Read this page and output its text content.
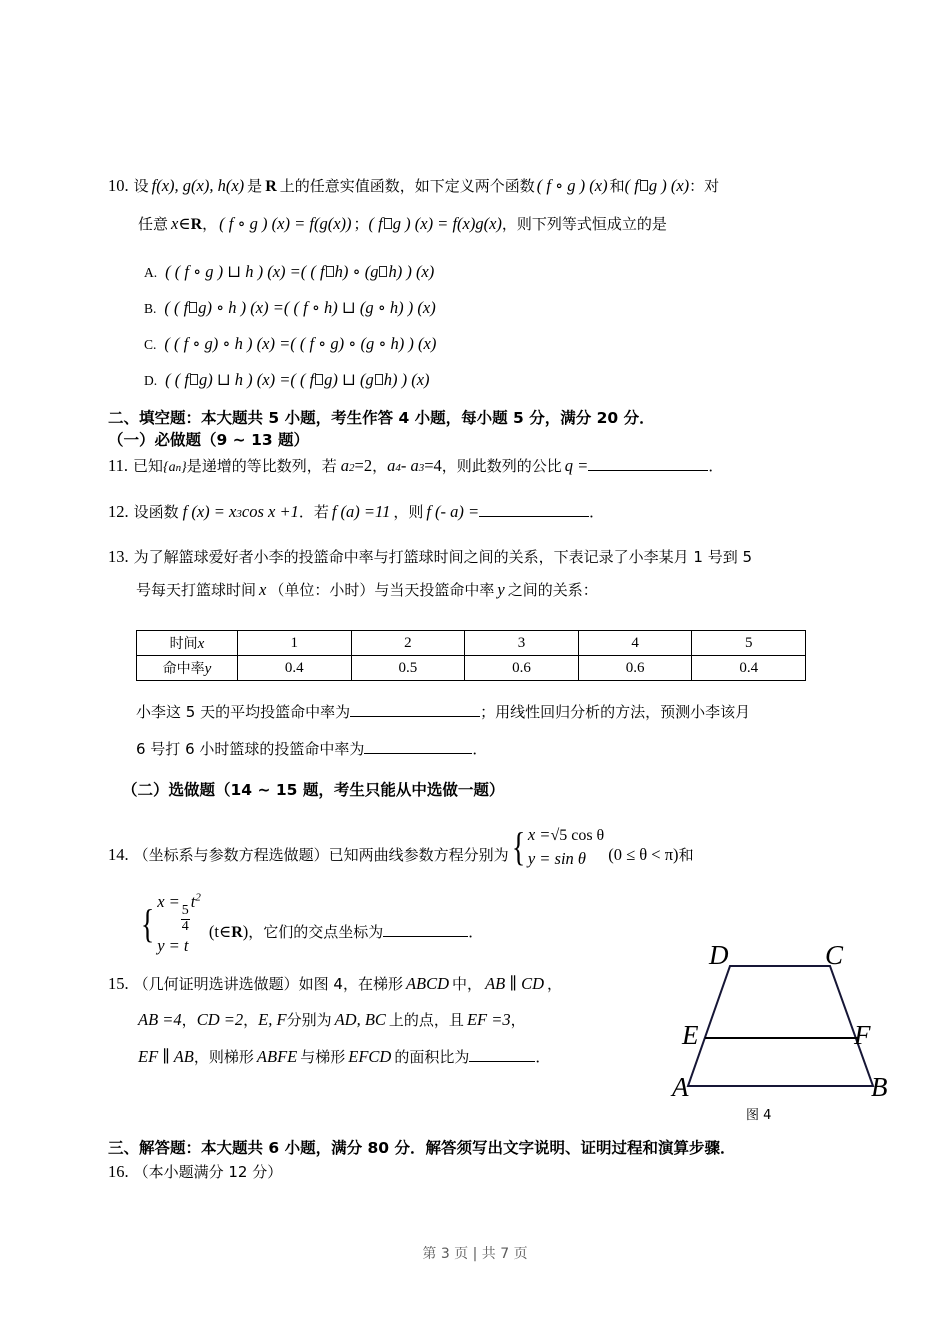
10. 设 f(x), g(x), h(x) 是 R 上的任意实值函数，如下定义两个函数 ( f ∘ g ) (x) 和 ( f g ) (x) ：对
任意 x∈ R ， ( f ∘ g ) (x) = f(g(x)) ； ( f g ) (x) = f(x)g(x) ，则下列等式恒成立的是
A. ( ( f ∘ g ) ⊔ h ) (x) =( ( f h) ∘ (g h) ) (x)
B. ( ( f g) ∘ h ) (x) =( ( f ∘ h) ⊔ (g ∘ h) ) (x)
C. ( ( f ∘ g) ∘ h ) (x) =( ( f ∘ g) ∘ (g ∘ h) ) (x)
D. ( ( f g) ⊔ h ) (x) =( ( f g) ⊔ (g h) ) (x)
二、填空题：本大题共 5 小题，考生作答 4 小题，每小题 5 分，满分 20 分．
（一）必做题（9 ~ 13 题）
11. 已知 {a n } 是递增的等比数列，若 a 2 =2 ， a 4 - a 3 =4 ，则此数列的公比 q =	．
12. 设函数 f (x) = x 3 cos x +1 ．若 f (a) =11 ，则 f (- a) =	．
13. 为了解篮球爱好者小李的投篮命中率与打篮球时间之间的关系，下表记录了小李某月 1 号到 5
号每天打篮球时间 x （单位：小时）与当天投篮命中率 y 之间的关系：
时间x	1	2	3	4	5
命中率y	0.4	0.5	0.6	0.6	0.4
小李这 5 天的平均投篮命中率为	；用线性回归分析的方法，预测小李该月
6 号打 6 小时篮球的投篮命中率为	．
（二）选做题（14 ~ 15 题，考生只能从中选做一题）
14. （坐标系与参数方程选做题）已知两曲线参数方程分别为 { x =√5 cos θ
y = sin θ	(0 ≤ θ < π) 和
{ x =
$\frac{5}{4}$
$t^2$
y = t
(t∈ R ) ，它们的交点坐标为	．
15. （几何证明选讲选做题）如图 4，在梯形 ABCD 中， AB ∥ CD ，
AB =4 ， CD =2 ， E, F 分别为 AD, BC 上的点，且 EF =3 ，
EF ∥ AB ，则梯形 ABFE 与梯形 EFCD 的面积比为	．
A	B
C
D
E	F
图 4
三、解答题：本大题共 6 小题，满分 80 分．解答须写出文字说明、证明过程和演算步骤．
16. （本小题满分 12 分）
第 3 页 | 共 7 页
